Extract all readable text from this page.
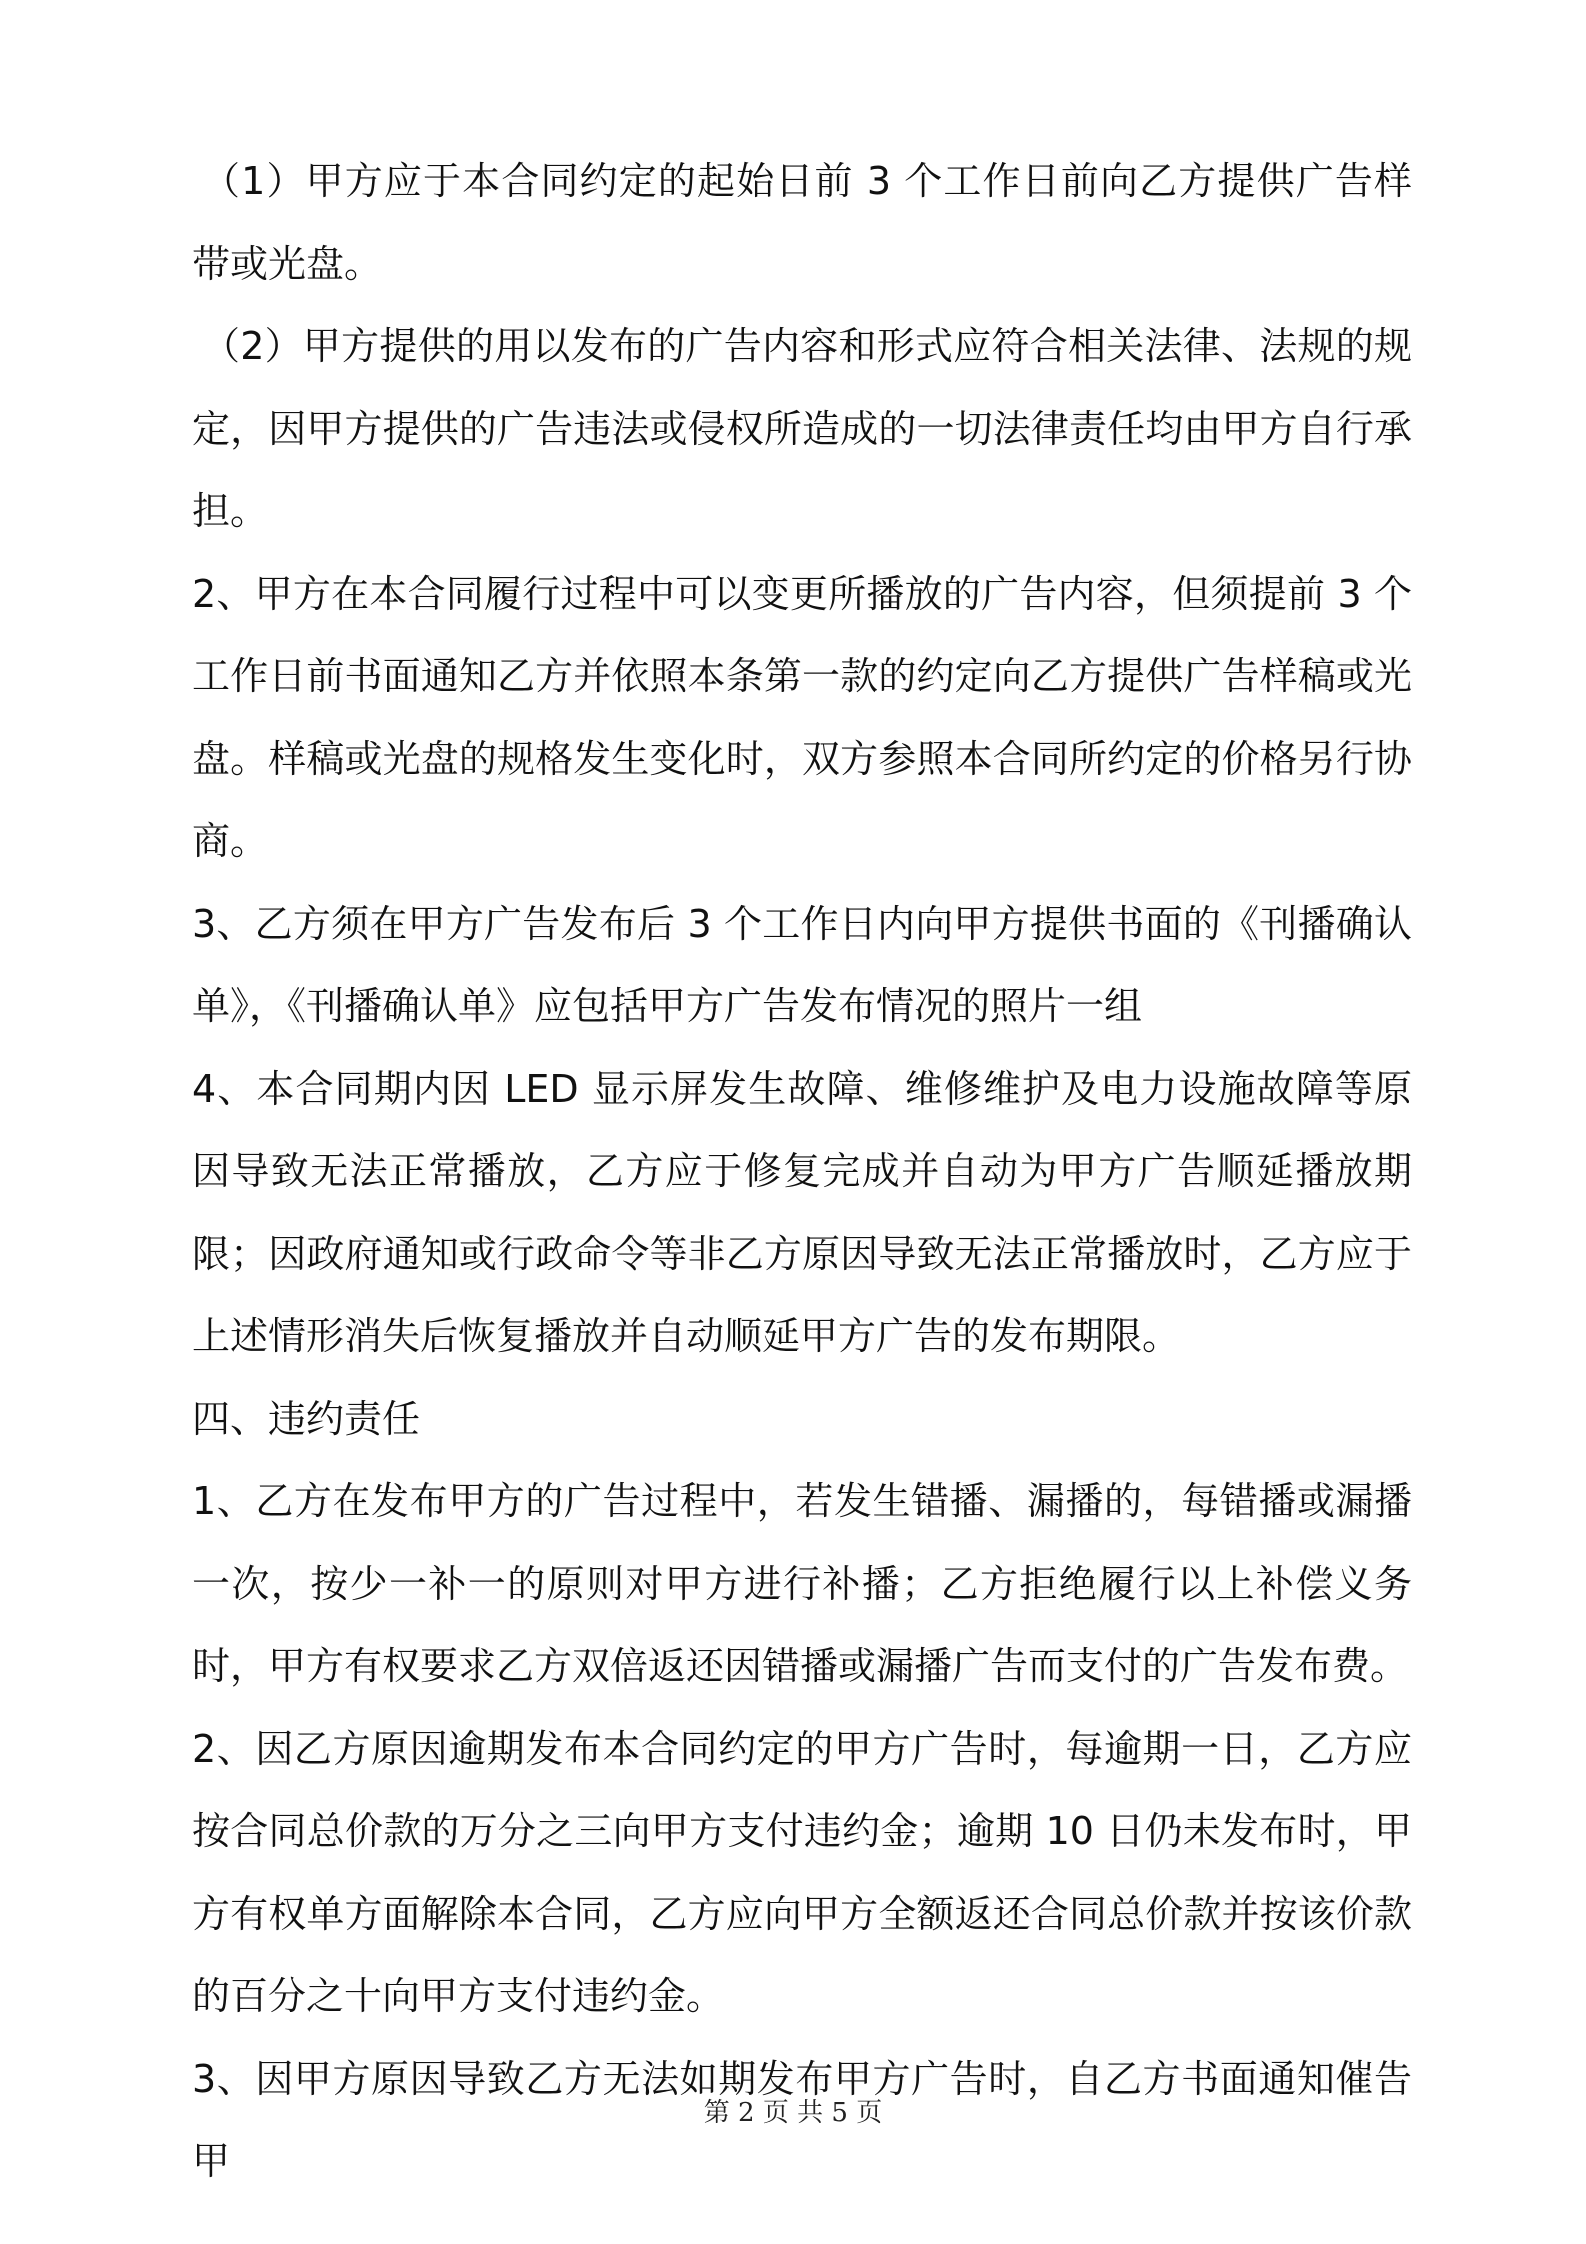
（1）甲方应于本合同约定的起始日前 3 个工作日前向乙方提供广告样带或光盘。

（2）甲方提供的用以发布的广告内容和形式应符合相关法律、法规的规定，因甲方提供的广告违法或侵权所造成的一切法律责任均由甲方自行承担。

2、甲方在本合同履行过程中可以变更所播放的广告内容，但须提前 3 个工作日前书面通知乙方并依照本条第一款的约定向乙方提供广告样稿或光盘。样稿或光盘的规格发生变化时，双方参照本合同所约定的价格另行协商。

3、乙方须在甲方广告发布后 3 个工作日内向甲方提供书面的《刊播确认单》，《刊播确认单》应包括甲方广告发布情况的照片一组

4、本合同期内因 LED 显示屏发生故障、维修维护及电力设施故障等原因导致无法正常播放，乙方应于修复完成并自动为甲方广告顺延播放期限；因政府通知或行政命令等非乙方原因导致无法正常播放时，乙方应于上述情形消失后恢复播放并自动顺延甲方广告的发布期限。

四、违约责任

1、乙方在发布甲方的广告过程中，若发生错播、漏播的，每错播或漏播一次，按少一补一的原则对甲方进行补播；乙方拒绝履行以上补偿义务时，甲方有权要求乙方双倍返还因错播或漏播广告而支付的广告发布费。

2、因乙方原因逾期发布本合同约定的甲方广告时，每逾期一日，乙方应按合同总价款的万分之三向甲方支付违约金；逾期 10 日仍未发布时，甲方有权单方面解除本合同，乙方应向甲方全额返还合同总价款并按该价款的百分之十向甲方支付违约金。

3、因甲方原因导致乙方无法如期发布甲方广告时，自乙方书面通知催告甲

第 2 页 共 5 页
